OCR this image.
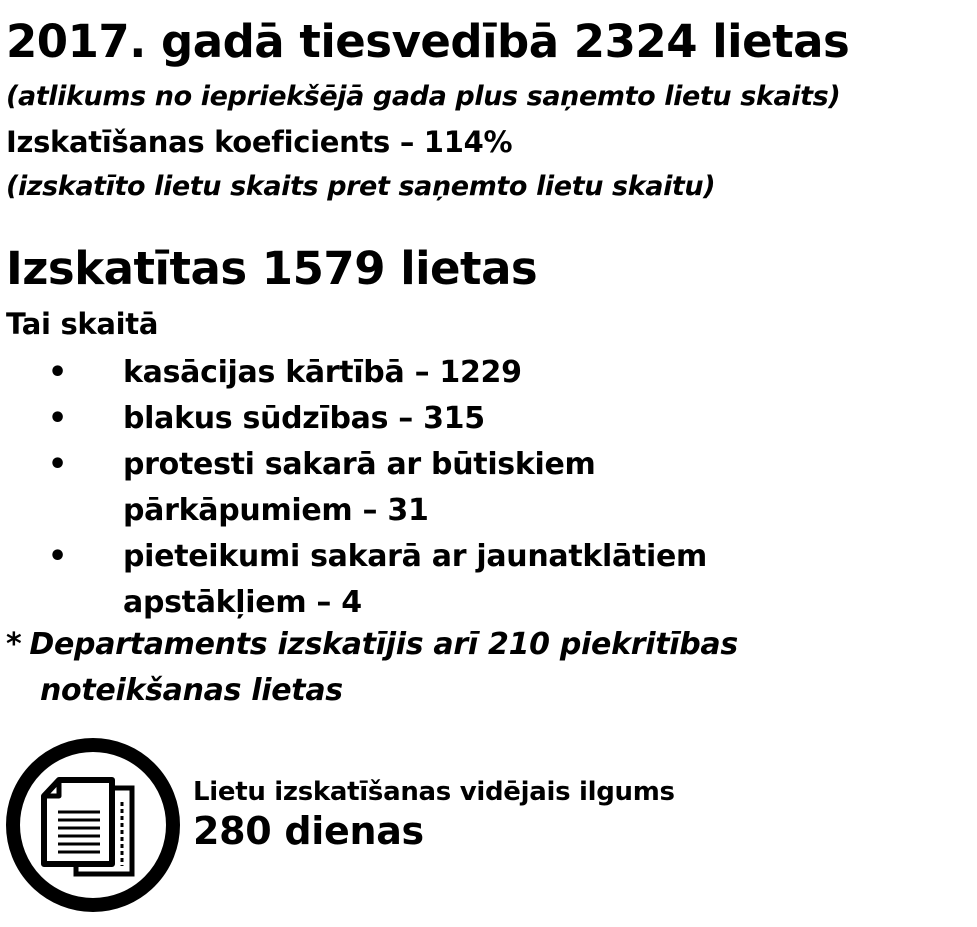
2017. gadā tiesvedībā 2324 lietas
(atlikums no iepriekšējā gada plus saņemto lietu skaits)
Izskatīšanas koeficients – 114%
(izskatīto lietu skaits pret saņemto lietu skaitu)
Izskatītas 1579 lietas
Tai skaitā
• kasācijas kārtībā – 1229
• blakus sūdzības – 315
• protesti sakarā ar būtiskiem pārkāpumiem – 31
• pieteikumi sakarā ar jaunatklātiem apstākļiem – 4
* Departaments izskatījis arī 210 piekritības
noteikšanas lietas
Lietu izskatīšanas vidējais ilgums
280 dienas
